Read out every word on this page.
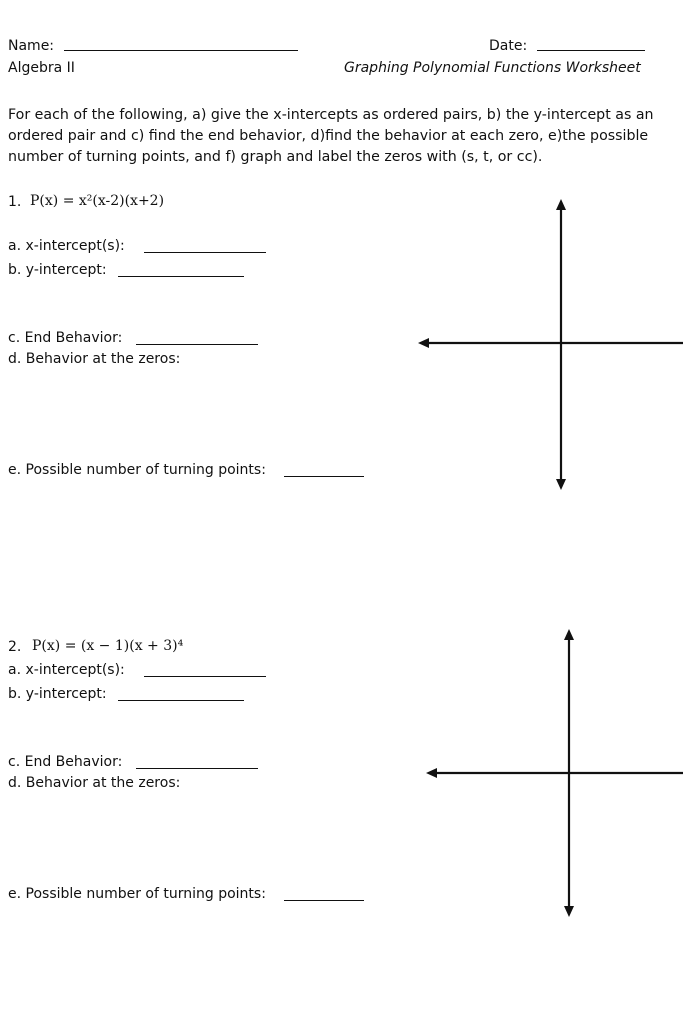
Name:	Date:
Algebra II	Graphing Polynomial Functions Worksheet
For each of the following, a) give the x-intercepts as ordered pairs, b) the y-intercept as an ordered pair and c) find the end behavior, d)find the behavior at each zero, e)the possible number of turning points, and f) graph and label the zeros with (s, t, or cc).
1. P(x) = x²(x-2)(x+2)
a. x-intercept(s):
b. y-intercept:
c. End Behavior:
d. Behavior at the zeros:
e. Possible number of turning points:
2. P(x) = (x − 1)(x + 3)⁴
a. x-intercept(s):
b. y-intercept:
c. End Behavior:
d. Behavior at the zeros:
e. Possible number of turning points:
